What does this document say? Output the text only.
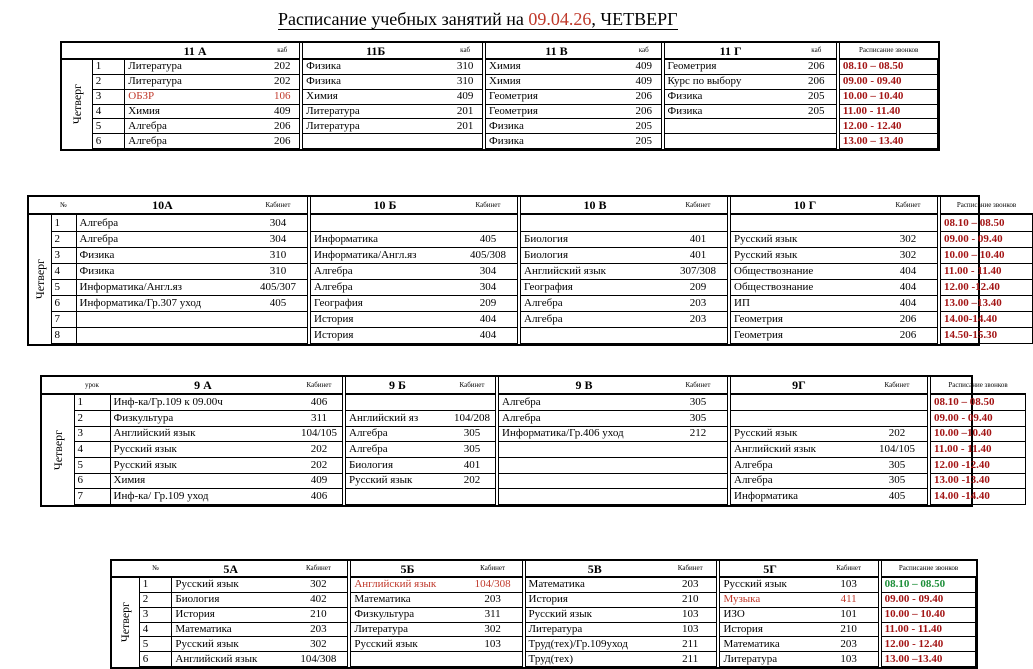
Расписание учебных занятий на 09.04.26, ЧЕТВЕРГ
		11 А	каб	11Б	каб	11 В	каб	11 Г	каб	Расписание звонков

Четверг	1	Литература	202	Физика	310	Химия	409	Геометрия	206	08.10 – 08.50
	2	Литература	202	Физика	310	Химия	409	Курс по выбору	206	09.00 - 09.40
	3	ОБЗР	106	Химия	409	Геометрия	206	Физика	205	10.00 – 10.40
	4	Химия	409	Литература	201	Геометрия	206	Физика	205	11.00 - 11.40
	5	Алгебра	206	Литература	201	Физика	205			12.00 - 12.40
	6	Алгебра	206			Физика	205			13.00 – 13.40
	№	10А	Кабинет	10 Б	Кабинет	10 В	Кабинет	10 Г	Кабинет	Расписание звонков

Четверг	1	Алгебра	304							08.10 – 08.50
	2	Алгебра	304	Информатика	405	Биология	401	Русский язык	302	09.00 - 09.40
	3	Физика	310	Информатика/Англ.яз	405/308	Биология	401	Русский язык	302	10.00 – 10.40
	4	Физика	310	Алгебра	304	Английский язык	307/308	Обществознание	404	11.00 - 11.40
	5	Информатика/Англ.яз	405/307	Алгебра	304	География	209	Обществознание	404	12.00 -12.40
	6	Информатика/Гр.307 уход	405	География	209	Алгебра	203	ИП	404	13.00 –13.40
	7			История	404	Алгебра	203	Геометрия	206	14.00-14.40
	8			История	404			Геометрия	206	14.50-15.30
	урок	9 А	Кабинет	9 Б	Кабинет	9 В	Кабинет	9Г	Кабинет	Расписание звонков

Четверг	1	Инф-ка/Гр.109 к 09.00ч	406			Алгебра	305			08.10 – 08.50
	2	Физкультура	311	Английский яз	104/208	Алгебра	305			09.00 - 09.40
	3	Английский язык	104/105	Алгебра	305	Информатика/Гр.406 уход	212	Русский язык	202	10.00 –10.40
	4	Русский язык	202	Алгебра	305			Английский язык	104/105	11.00 - 11.40
	5	Русский язык	202	Биология	401			Алгебра	305	12.00 -12.40
	6	Химия	409	Русский язык	202			Алгебра	305	13.00 -13.40
	7	Инф-ка/ Гр.109 уход	406					Информатика	405	14.00 -14.40
	№	5А	Кабинет	5Б	Кабинет	5В	Кабинет	5Г	Кабинет	Расписание звонков

Четверг	1	Русский язык	302	Английский язык	104/308	Математика	203	Русский язык	103	08.10 – 08.50
	2	Биология	402	Математика	203	История	210	Музыка	411	09.00 - 09.40
	3	История	210	Физкультура	311	Русский язык	103	ИЗО	101	10.00 – 10.40
	4	Математика	203	Литература	302	Литература	103	История	210	11.00 - 11.40
	5	Русский язык	302	Русский язык	103	Труд(тех)/Гр.109уход	211	Математика	203	12.00 - 12.40
	6	Английский язык	104/308			Труд(тех)	211	Литература	103	13.00 –13.40
